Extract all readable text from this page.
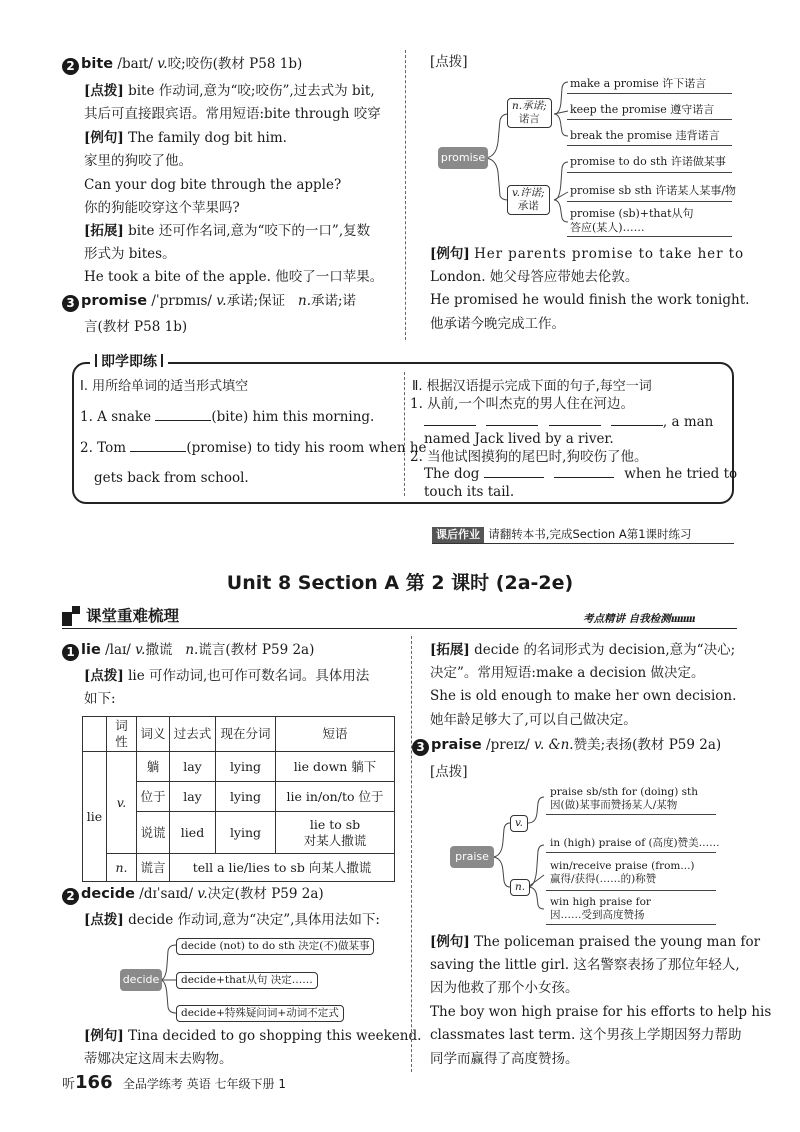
2 bite /baɪt/ v.咬;咬伤(教材 P58 1b)
[点拨] bite 作动词,意为“咬;咬伤”,过去式为 bit,
其后可直接跟宾语。常用短语:bite through 咬穿
[例句] The family dog bit him.
家里的狗咬了他。
Can your dog bite through the apple?
你的狗能咬穿这个苹果吗?
[拓展] bite 还可作名词,意为“咬下的一口”,复数
形式为 bites。
He took a bite of the apple. 他咬了一口苹果。
3 promise /ˈprɒmɪs/ v.承诺;保证 n.承诺;诺
言(教材 P58 1b)
[点拨]
promise
n.承诺;
诺言
v.许诺;
承诺
make a promise 许下诺言
keep the promise 遵守诺言
break the promise 违背诺言
promise to do sth 许诺做某事
promise sb sth 许诺某人某事/物
promise (sb)+that从句
答应(某人)……
[例句] Her parents promise to take her to
London. 她父母答应带她去伦敦。
He promised he would finish the work tonight.
他承诺今晚完成工作。
即学即练
Ⅰ. 用所给单词的适当形式填空
1. A snake	(bite) him this morning.
2. Tom	(promise) to tidy his room when he
gets back from school.
Ⅱ. 根据汉语提示完成下面的句子,每空一词
1. 从前,一个叫杰克的男人住在河边。
, a man
named Jack lived by a river.
2. 当他试图摸狗的尾巴时,狗咬伤了他。
The dog	when he tried to
touch its tail.
课后作业 请翻转本书,完成Section A第1课时练习
Unit 8 Section A 第 2 课时 (2a-2e)
课堂重难梳理	考点精讲 自我检测ıııııııı
1 lie /laɪ/ v.撒谎 n.谎言(教材 P59 2a)
[点拨] lie 可作动词,也可作可数名词。具体用法
如下:
	词性	词义	过去式	现在分词	短语
lie	v.	躺	lay	lying	lie down 躺下
		位于	lay	lying	lie in/on/to 位于
		说谎	lied	lying	lie to sb
对某人撒谎

	n.	谎言	tell a lie/lies to sb 向某人撒谎		
2 decide /dɪˈsaɪd/ v.决定(教材 P59 2a)
[点拨] decide 作动词,意为“决定”,具体用法如下:
decide
decide (not) to do sth 决定(不)做某事
decide+that从句 决定……
decide+特殊疑问词+动词不定式
[例句] Tina decided to go shopping this weekend.
蒂娜决定这周末去购物。
[拓展] decide 的名词形式为 decision,意为“决心;
决定”。常用短语:make a decision 做决定。
She is old enough to make her own decision.
她年龄足够大了,可以自己做决定。
3 praise /preɪz/ v. &n.赞美;表扬(教材 P59 2a)
[点拨]
praise
v.
n.
praise sb/sth for (doing) sth
因(做)某事而赞扬某人/某物
in (high) praise of (高度)赞美……
win/receive praise (from...)
赢得/获得(……的)称赞
win high praise for
因……受到高度赞扬
[例句] The policeman praised the young man for
saving the little girl. 这名警察表扬了那位年轻人,
因为他救了那个小女孩。
The boy won high praise for his efforts to help his
classmates last term. 这个男孩上学期因努力帮助
同学而赢得了高度赞扬。
听166 全品学练考 英语 七年级下册 1
